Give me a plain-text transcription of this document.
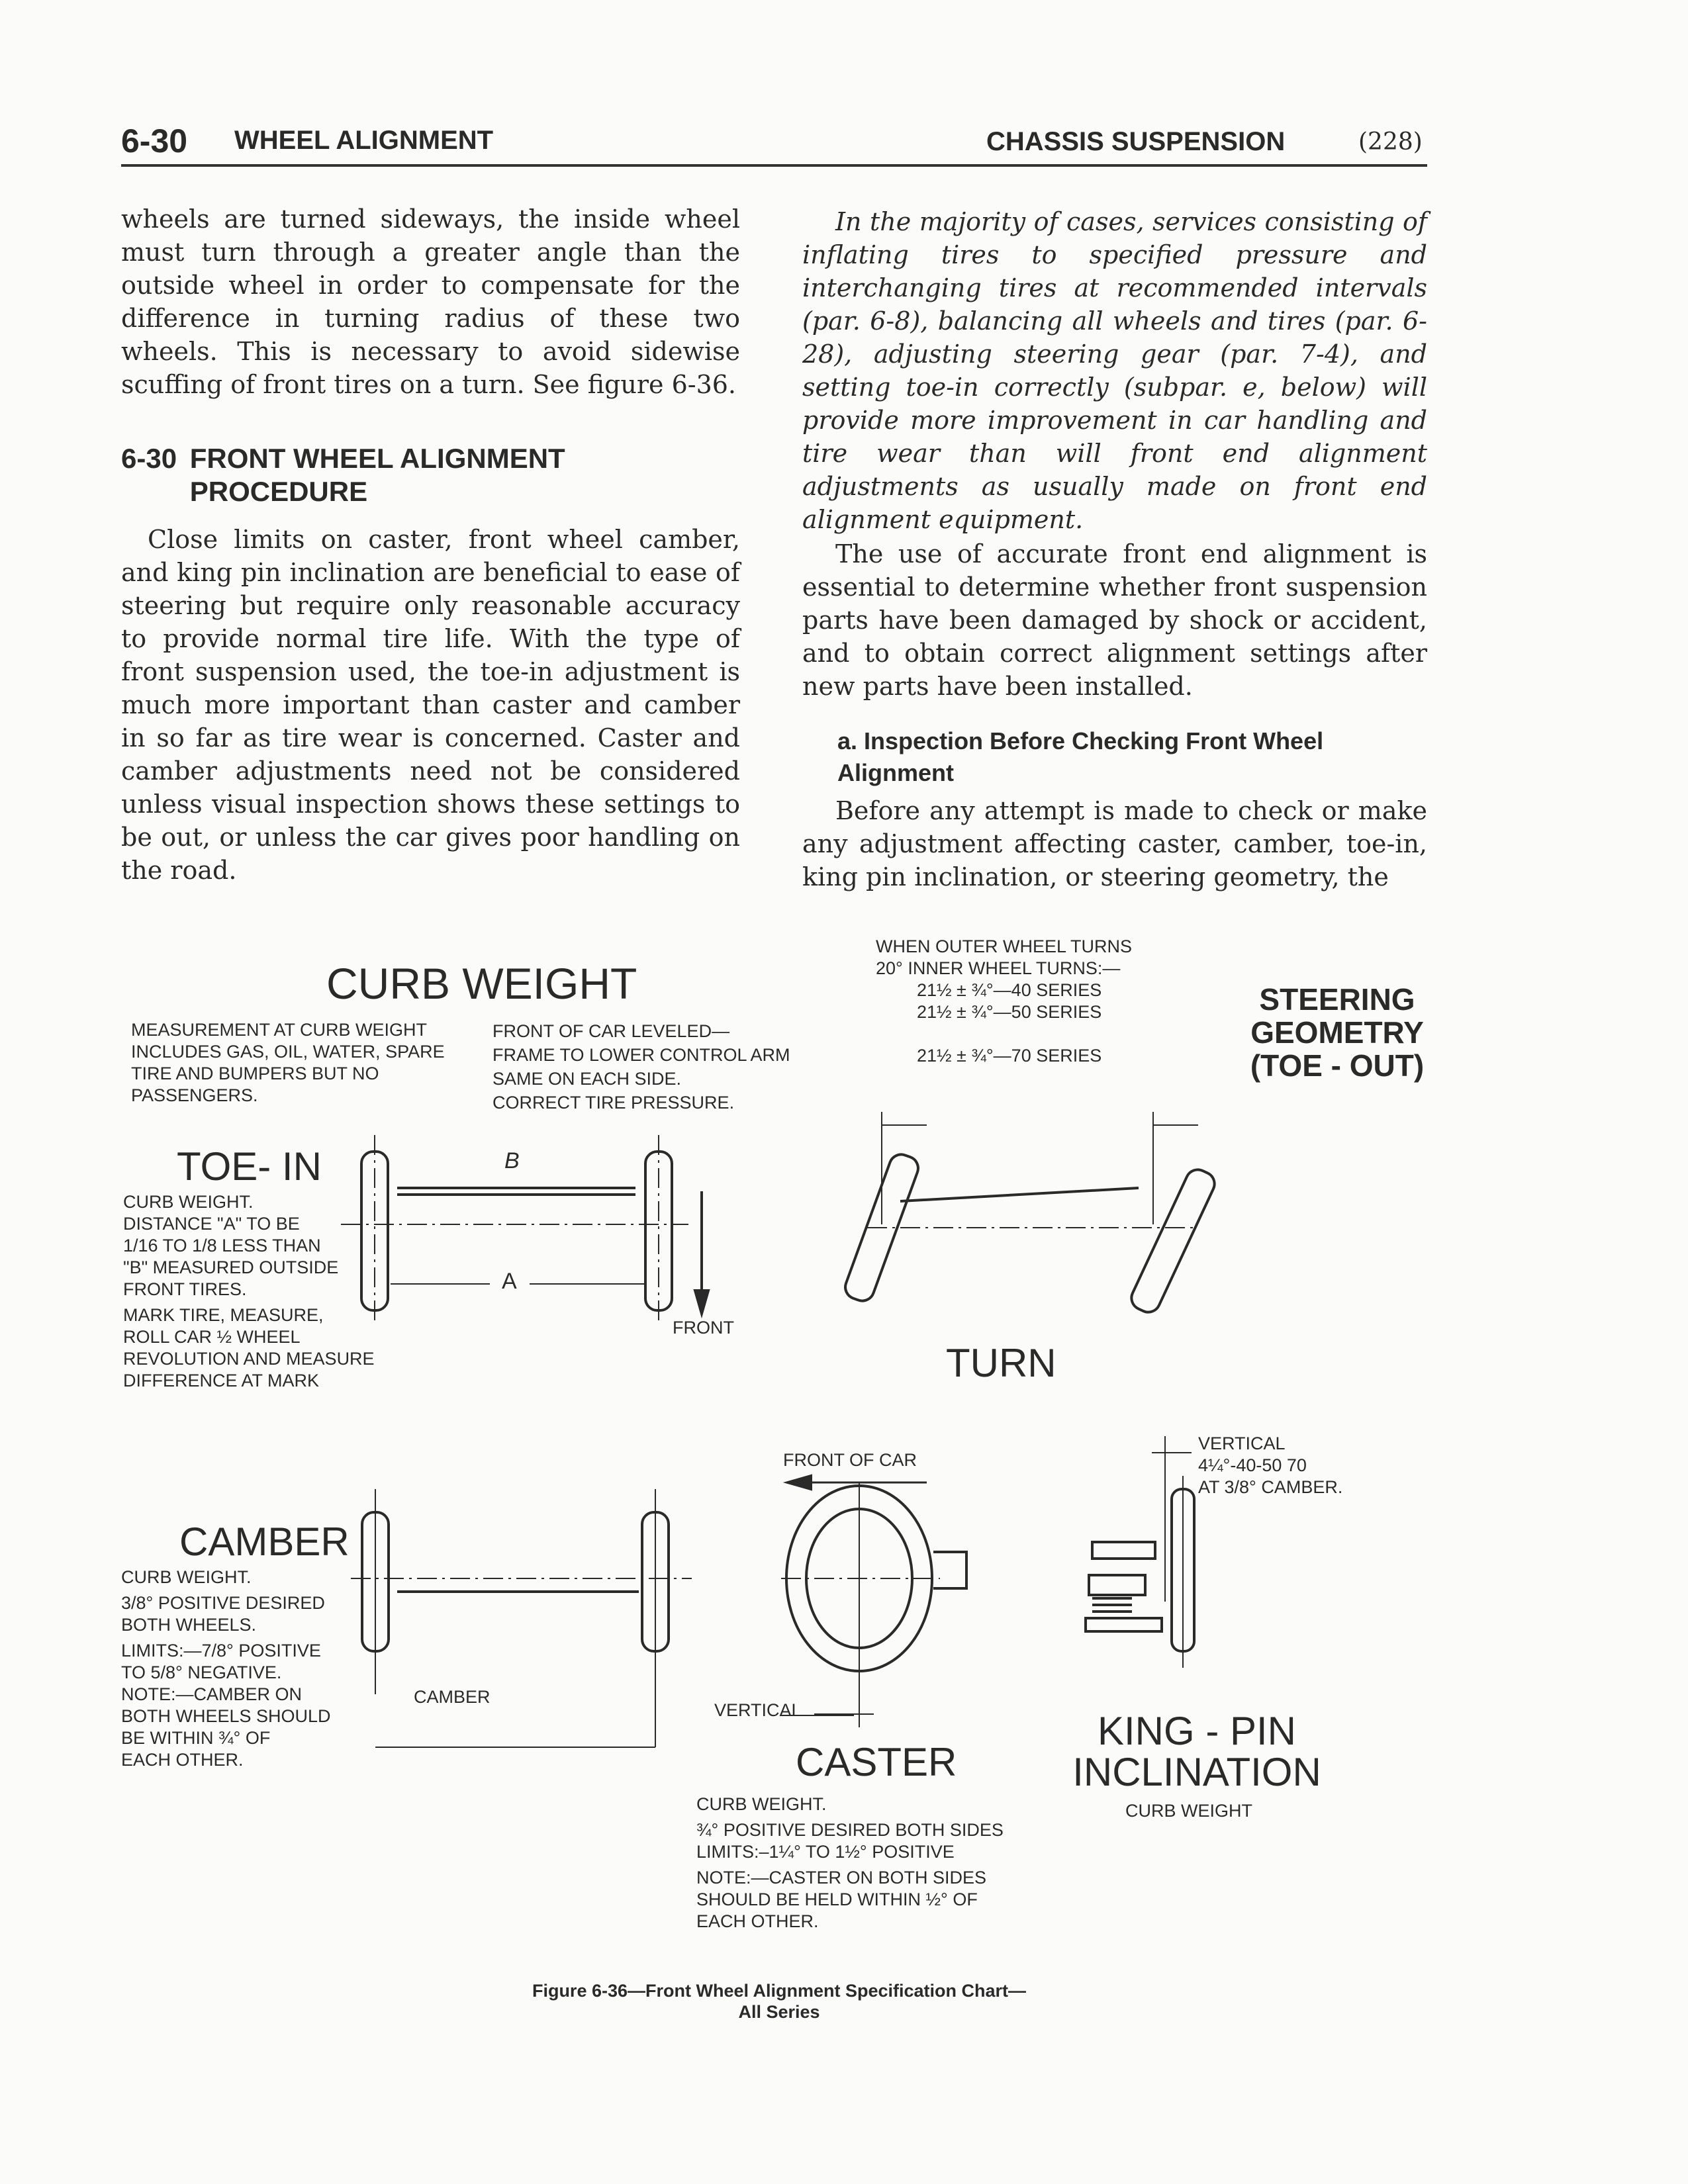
6-30 WHEEL ALIGNMENT	CHASSIS SUSPENSION	(228)
wheels are turned sideways, the inside wheel must turn through a greater angle than the outside wheel in order to compensate for the difference in turning radius of these two wheels. This is necessary to avoid sidewise scuffing of front tires on a turn. See figure 6-36.
6-30 FRONT WHEEL ALIGNMENT PROCEDURE
Close limits on caster, front wheel camber, and king pin inclination are beneficial to ease of steering but require only reasonable accuracy to provide normal tire life. With the type of front suspension used, the toe-in adjustment is much more important than caster and camber in so far as tire wear is concerned. Caster and camber adjustments need not be considered unless visual inspection shows these settings to be out, or unless the car gives poor handling on the road.
In the majority of cases, services consisting of inflating tires to specified pressure and interchanging tires at recommended intervals (par. 6-8), balancing all wheels and tires (par. 6-28), adjusting steering gear (par. 7-4), and setting toe-in correctly (subpar. e, below) will provide more improvement in car handling and tire wear than will front end alignment adjustments as usually made on front end alignment equipment.
The use of accurate front end alignment is essential to determine whether front suspension parts have been damaged by shock or accident, and to obtain correct alignment settings after new parts have been installed.
a. Inspection Before Checking Front Wheel Alignment
Before any attempt is made to check or make any adjustment affecting caster, camber, toe-in, king pin inclination, or steering geometry, the
CURB WEIGHT
MEASUREMENT AT CURB WEIGHT
INCLUDES GAS, OIL, WATER, SPARE
TIRE AND BUMPERS BUT NO
PASSENGERS.
FRONT OF CAR LEVELED—
FRAME TO LOWER CONTROL ARM
SAME ON EACH SIDE.
CORRECT TIRE PRESSURE.
WHEN OUTER WHEEL TURNS
20° INNER WHEEL TURNS:—
21½ ± ¾°—40 SERIES
21½ ± ¾°—50 SERIES
21½ ± ¾°—70 SERIES
STEERING
GEOMETRY
(TOE - OUT)
TURN
TOE- IN
CURB WEIGHT.
DISTANCE "A" TO BE
1/16 TO 1/8 LESS THAN
"B" MEASURED OUTSIDE
FRONT TIRES.
MARK TIRE, MEASURE,
ROLL CAR ½ WHEEL
REVOLUTION AND MEASURE
DIFFERENCE AT MARK
B
A
FRONT
CAMBER
CURB WEIGHT.
3/8° POSITIVE DESIRED
BOTH WHEELS.
LIMITS:—7/8° POSITIVE
TO 5/8° NEGATIVE.
NOTE:—CAMBER ON
BOTH WHEELS SHOULD
BE WITHIN ¾° OF
EACH OTHER.
CAMBER
FRONT OF CAR
VERTICAL
CASTER
CURB WEIGHT.
¾° POSITIVE DESIRED BOTH SIDES
LIMITS:–1¼° TO 1½° POSITIVE
NOTE:—CASTER ON BOTH SIDES
SHOULD BE HELD WITHIN ½° OF
EACH OTHER.
VERTICAL
4¼°-40-50 70
AT 3/8° CAMBER.
KING - PIN
INCLINATION
CURB WEIGHT
Figure 6-36—Front Wheel Alignment Specification Chart—
All Series
